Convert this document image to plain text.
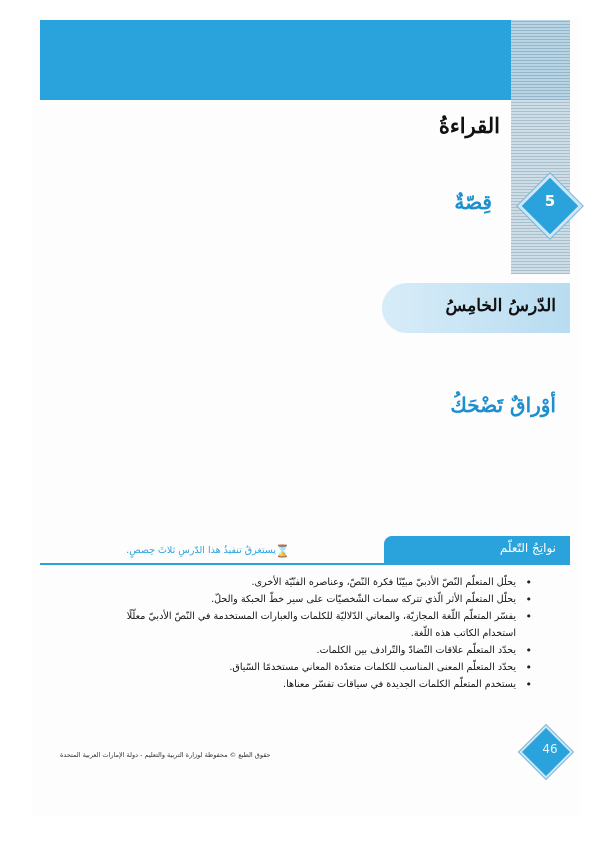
القراءةُ
5
قِصّةٌ
الدّرسُ الخامِسُ
أوْراقٌ تَضْحَكُ
نواتِجُ التّعلّم
يستغرقُ تنفيذُ هذا الدّرسِ ثلاثَ حِصصٍ. ⌛
• يحلّل المتعلّم النّصّ الأدبيّ مبيّنًا فكرة النّصّ، وعناصره الفنّيّة الأخرى.
• يحلّل المتعلّم الأثر الّذي تتركه سمات الشّخصيّات على سير خطّ الحبكة والحلّ.
• يفسّر المتعلّم اللّغة المجازيّة، والمعاني الدّلاليّة للكلمات والعبارات المستخدمة في النّصّ الأدبيّ معلّلًا استخدام الكاتب هذه اللّغة.
• يحدّد المتعلّم علاقات التّضادّ والتّرادف بين الكلمات.
• يحدّد المتعلّم المعنى المناسب للكلمات متعدّدة المعاني مستخدمًا السّياق.
• يستخدم المتعلّم الكلمات الجديدة في سياقات تفسّر معناها.
46
حقوق الطبع © محفوظة لوزارة التربية والتعليم - دولة الإمارات العربية المتحدة
